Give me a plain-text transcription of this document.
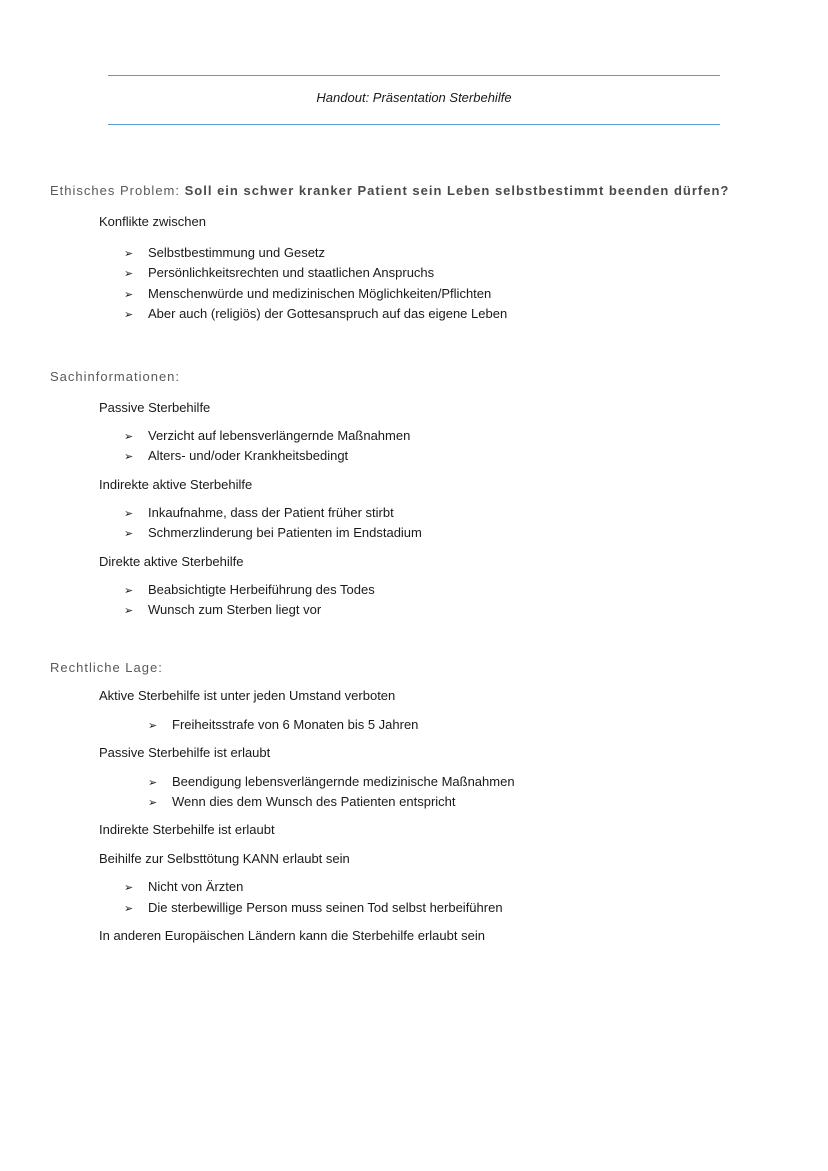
Handout: Präsentation Sterbehilfe
Ethisches Problem: Soll ein schwer kranker Patient sein Leben selbstbestimmt beenden dürfen?
Konflikte zwischen
➢ Selbstbestimmung und Gesetz
➢ Persönlichkeitsrechten und staatlichen Anspruchs
➢ Menschenwürde und medizinischen Möglichkeiten/Pflichten
➢ Aber auch (religiös) der Gottesanspruch auf das eigene Leben
Sachinformationen:
Passive Sterbehilfe
➢ Verzicht auf lebensverlängernde Maßnahmen
➢ Alters- und/oder Krankheitsbedingt
Indirekte aktive Sterbehilfe
➢ Inkaufnahme, dass der Patient früher stirbt
➢ Schmerzlinderung bei Patienten im Endstadium
Direkte aktive Sterbehilfe
➢ Beabsichtigte Herbeiführung des Todes
➢ Wunsch zum Sterben liegt vor
Rechtliche Lage:
Aktive Sterbehilfe ist unter jeden Umstand verboten
➢ Freiheitsstrafe von 6 Monaten bis 5 Jahren
Passive Sterbehilfe ist erlaubt
➢ Beendigung lebensverlängernde medizinische Maßnahmen
➢ Wenn dies dem Wunsch des Patienten entspricht
Indirekte Sterbehilfe ist erlaubt
Beihilfe zur Selbsttötung KANN erlaubt sein
➢ Nicht von Ärzten
➢ Die sterbewillige Person muss seinen Tod selbst herbeiführen
In anderen Europäischen Ländern kann die Sterbehilfe erlaubt sein
